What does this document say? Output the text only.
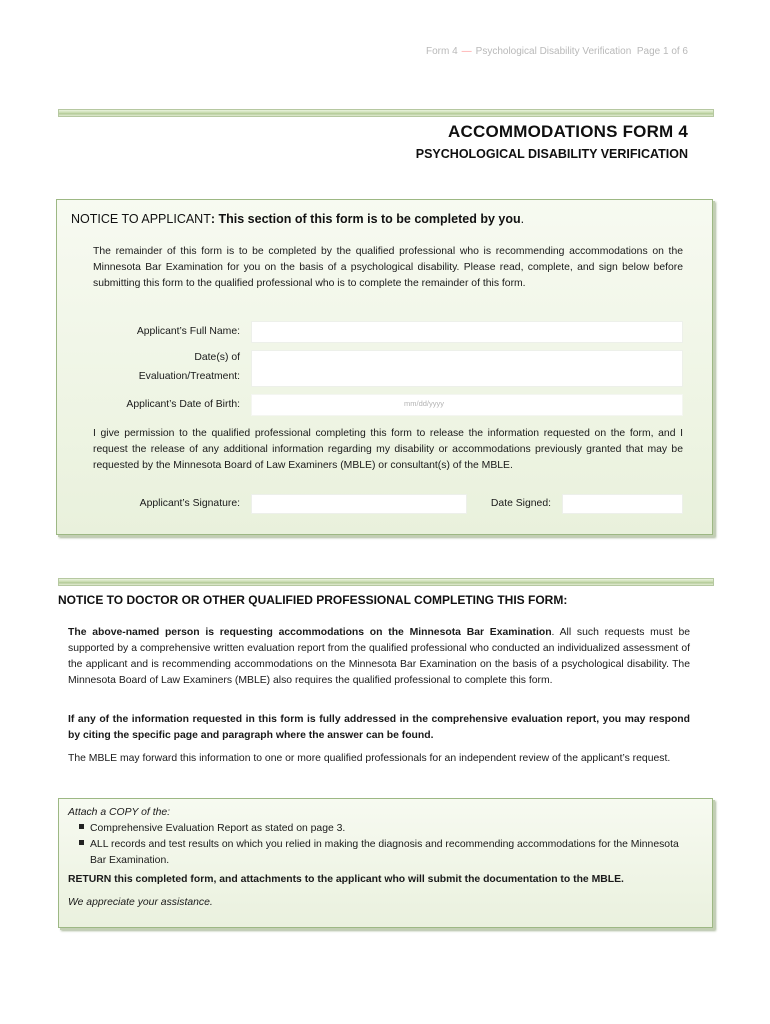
Form 4 — Psychological Disability Verification Page 1 of 6
ACCOMMODATIONS FORM 4
PSYCHOLOGICAL DISABILITY VERIFICATION
NOTICE TO APPLICANT: This section of this form is to be completed by you.
The remainder of this form is to be completed by the qualified professional who is recommending accommodations on the Minnesota Bar Examination for you on the basis of a psychological disability. Please read, complete, and sign below before submitting this form to the qualified professional who is to complete the remainder of this form.
Applicant’s Full Name:
Date(s) of
Evaluation/Treatment:
Applicant’s Date of Birth:	mm/dd/yyyy
I give permission to the qualified professional completing this form to release the information requested on the form, and I request the release of any additional information regarding my disability or accommodations previously granted that may be requested by the Minnesota Board of Law Examiners (MBLE) or consultant(s) of the MBLE.
Applicant’s Signature:	Date Signed:
NOTICE TO DOCTOR OR OTHER QUALIFIED PROFESSIONAL COMPLETING THIS FORM:
The above-named person is requesting accommodations on the Minnesota Bar Examination. All such requests must be supported by a comprehensive written evaluation report from the qualified professional who conducted an individualized assessment of the applicant and is recommending accommodations on the Minnesota Bar Examination on the basis of a psychological disability. The Minnesota Board of Law Examiners (MBLE) also requires the qualified professional to complete this form.
If any of the information requested in this form is fully addressed in the comprehensive evaluation report, you may respond by citing the specific page and paragraph where the answer can be found.
The MBLE may forward this information to one or more qualified professionals for an independent review of the applicant’s request.
Attach a COPY of the:
Comprehensive Evaluation Report as stated on page 3.
ALL records and test results on which you relied in making the diagnosis and recommending accommodations for the Minnesota Bar Examination.
RETURN this completed form, and attachments to the applicant who will submit the documentation to the MBLE.
We appreciate your assistance.
